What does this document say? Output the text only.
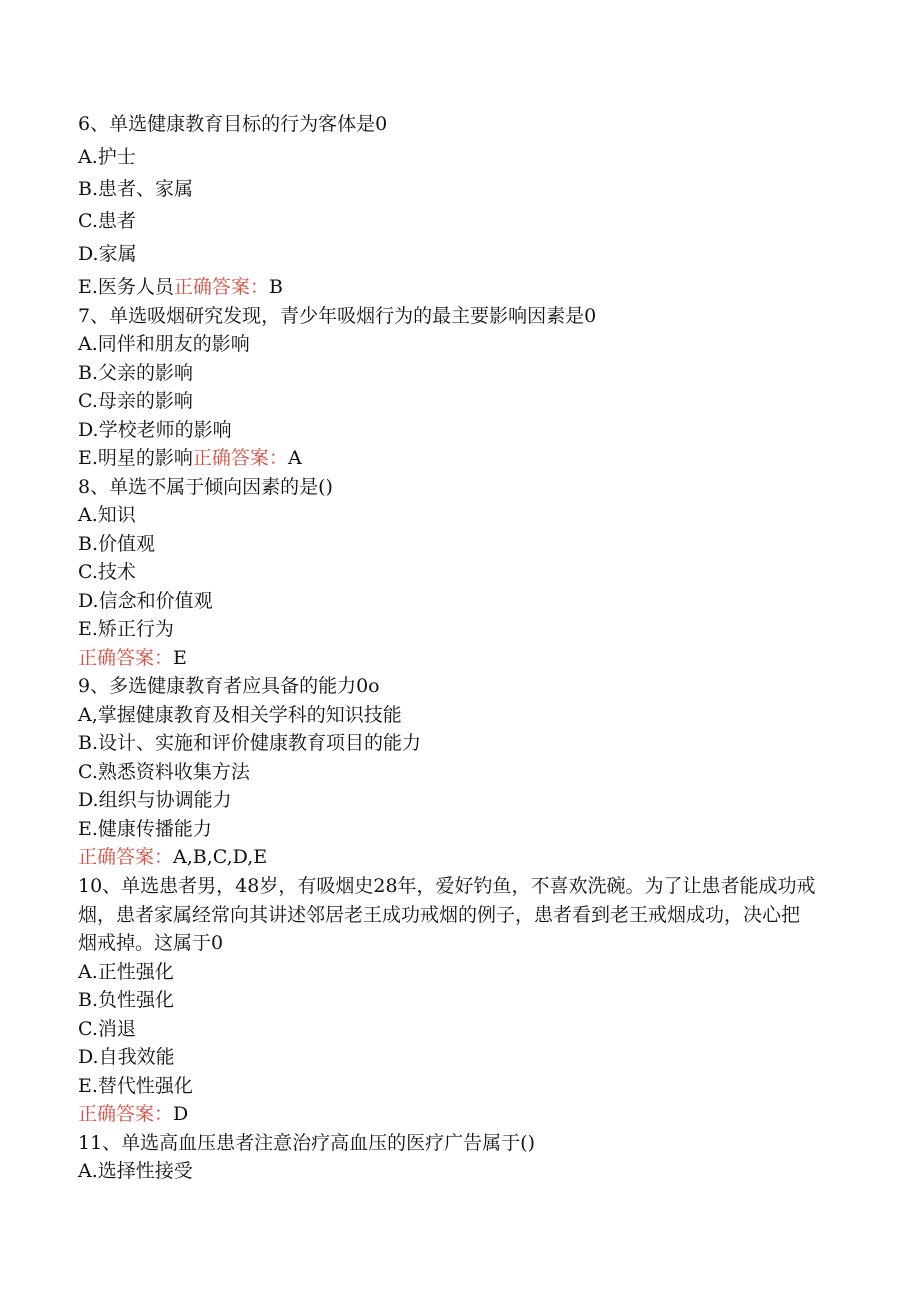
6、单选健康教育目标的行为客体是0
A.护士
B.患者、家属
C.患者
D.家属
E.医务人员正确答案：B
7、单选吸烟研究发现，青少年吸烟行为的最主要影响因素是0
A.同伴和朋友的影响
B.父亲的影响
C.母亲的影响
D.学校老师的影响
E.明星的影响正确答案：A
8、单选不属于倾向因素的是()
A.知识
B.价值观
C.技术
D.信念和价值观
E.矫正行为
正确答案：E
9、多选健康教育者应具备的能力0o
A,掌握健康教育及相关学科的知识技能
B.设计、实施和评价健康教育项目的能力
C.熟悉资料收集方法
D.组织与协调能力
E.健康传播能力
正确答案：A,B,C,D,E
10、单选患者男，48岁，有吸烟史28年，爱好钓鱼，不喜欢洗碗。为了让患者能成功戒烟，患者家属经常向其讲述邻居老王成功戒烟的例子，患者看到老王戒烟成功，决心把烟戒掉。这属于0
A.正性强化
B.负性强化
C.消退
D.自我效能
E.替代性强化
正确答案：D
11、单选高血压患者注意治疗高血压的医疗广告属于()
A.选择性接受
